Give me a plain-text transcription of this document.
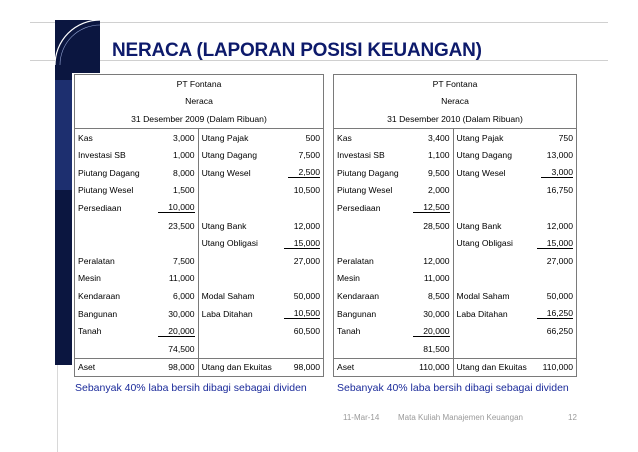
NERACA (LAPORAN POSISI KEUANGAN)
PT Fontana			
Neraca			
31 Desember 2009 (Dalam Ribuan)			
Kas	3,000	Utang Pajak	500
Investasi SB	1,000	Utang Dagang	7,500
Piutang Dagang	8,000	Utang Wesel	2,500
Piutang Wesel	1,500		10,500
Persediaan	10,000		
	23,500	Utang Bank	12,000
		Utang Obligasi	15,000
Peralatan	7,500		27,000
Mesin	11,000		
Kendaraan	6,000	Modal Saham	50,000
Bangunan	30,000	Laba Ditahan	10,500
Tanah	20,000		60,500
	74,500		
Aset	98,000	Utang dan Ekuitas	98,000
PT Fontana			
Neraca			
31 Desember 2010 (Dalam Ribuan)			
Kas	3,400	Utang Pajak	750
Investasi SB	1,100	Utang Dagang	13,000
Piutang Dagang	9,500	Utang Wesel	3,000
Piutang Wesel	2,000		16,750
Persediaan	12,500		
	28,500	Utang Bank	12,000
		Utang Obligasi	15,000
Peralatan	12,000		27,000
Mesin	11,000		
Kendaraan	8,500	Modal Saham	50,000
Bangunan	30,000	Laba Ditahan	16,250
Tanah	20,000		66,250
	81,500		
Aset	110,000	Utang dan Ekuitas	110,000
Sebanyak 40% laba bersih dibagi sebagai dividen	Sebanyak 40% laba bersih dibagi sebagai dividen
11-Mar-14 Mata Kuliah Manajemen Keuangan	12
